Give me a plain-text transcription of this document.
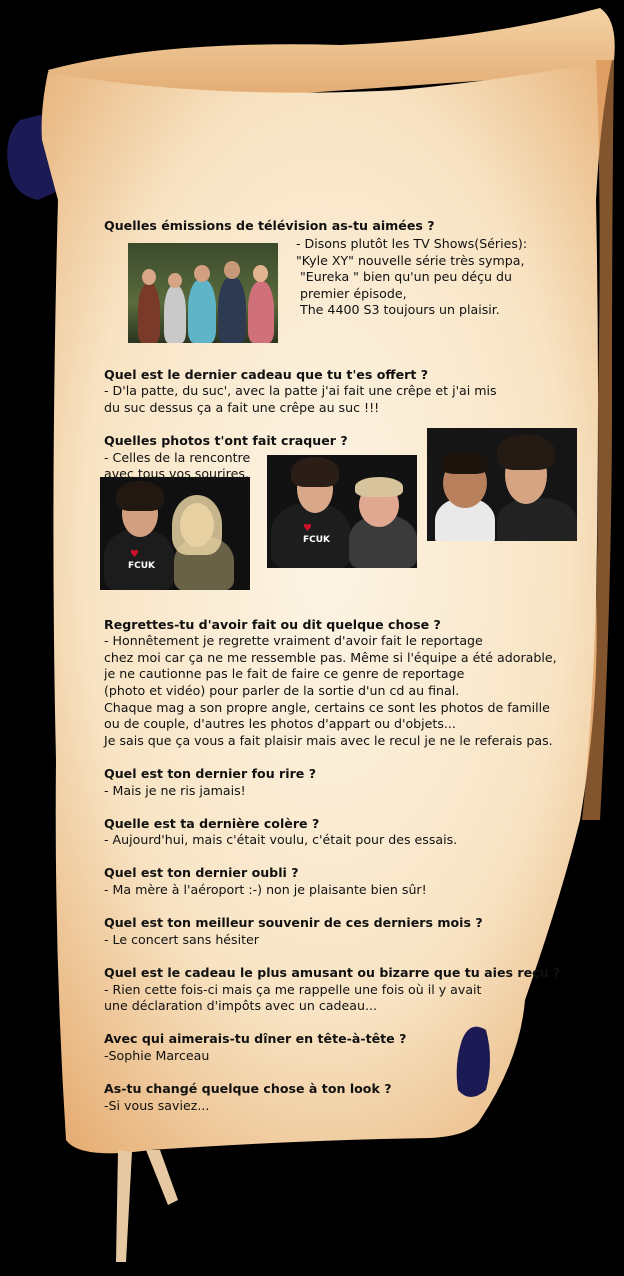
♥
FCUK
♥
FCUK
- Disons plutôt les TV Shows(Séries):
"Kyle XY" nouvelle série très sympa,
"Eureka " bien qu'un peu déçu du
premier épisode,
The 4400 S3 toujours un plaisir.

Quelles émissions de télévision as-tu aimées ?

Quel est le dernier cadeau que tu t'es offert ?

- D'la patte, du suc', avec la patte j'ai fait une crêpe et j'ai mis
du suc dessus ça a fait une crêpe au suc !!!

Quelles photos t'ont fait craquer ?

- Celles de la rencontre
avec tous vos sourires.

Regrettes-tu d'avoir fait ou dit quelque chose ?

- Honnêtement je regrette vraiment d'avoir fait le reportage
chez moi car ça ne me ressemble pas. Même si l'équipe a été adorable,
je ne cautionne pas le fait de faire ce genre de reportage
(photo et vidéo) pour parler de la sortie d'un cd au final.
Chaque mag a son propre angle, certains ce sont les photos de famille
ou de couple, d'autres les photos d'appart ou d'objets...
Je sais que ça vous a fait plaisir mais avec le recul je ne le referais pas.

Quel est ton dernier fou rire ?

- Mais je ne ris jamais!

Quelle est ta dernière colère ?

- Aujourd'hui, mais c'était voulu, c'était pour des essais.

Quel est ton dernier oubli ?

- Ma mère à l'aéroport :-) non je plaisante bien sûr!

Quel est ton meilleur souvenir de ces derniers mois ?

- Le concert sans hésiter

Quel est le cadeau le plus amusant ou bizarre que tu aies reçu ?

- Rien cette fois-ci mais ça me rappelle une fois où il y avait
une déclaration d'impôts avec un cadeau...

Avec qui aimerais-tu dîner en tête-à-tête ?

-Sophie Marceau

As-tu changé quelque chose à ton look ?

-Si vous saviez...
